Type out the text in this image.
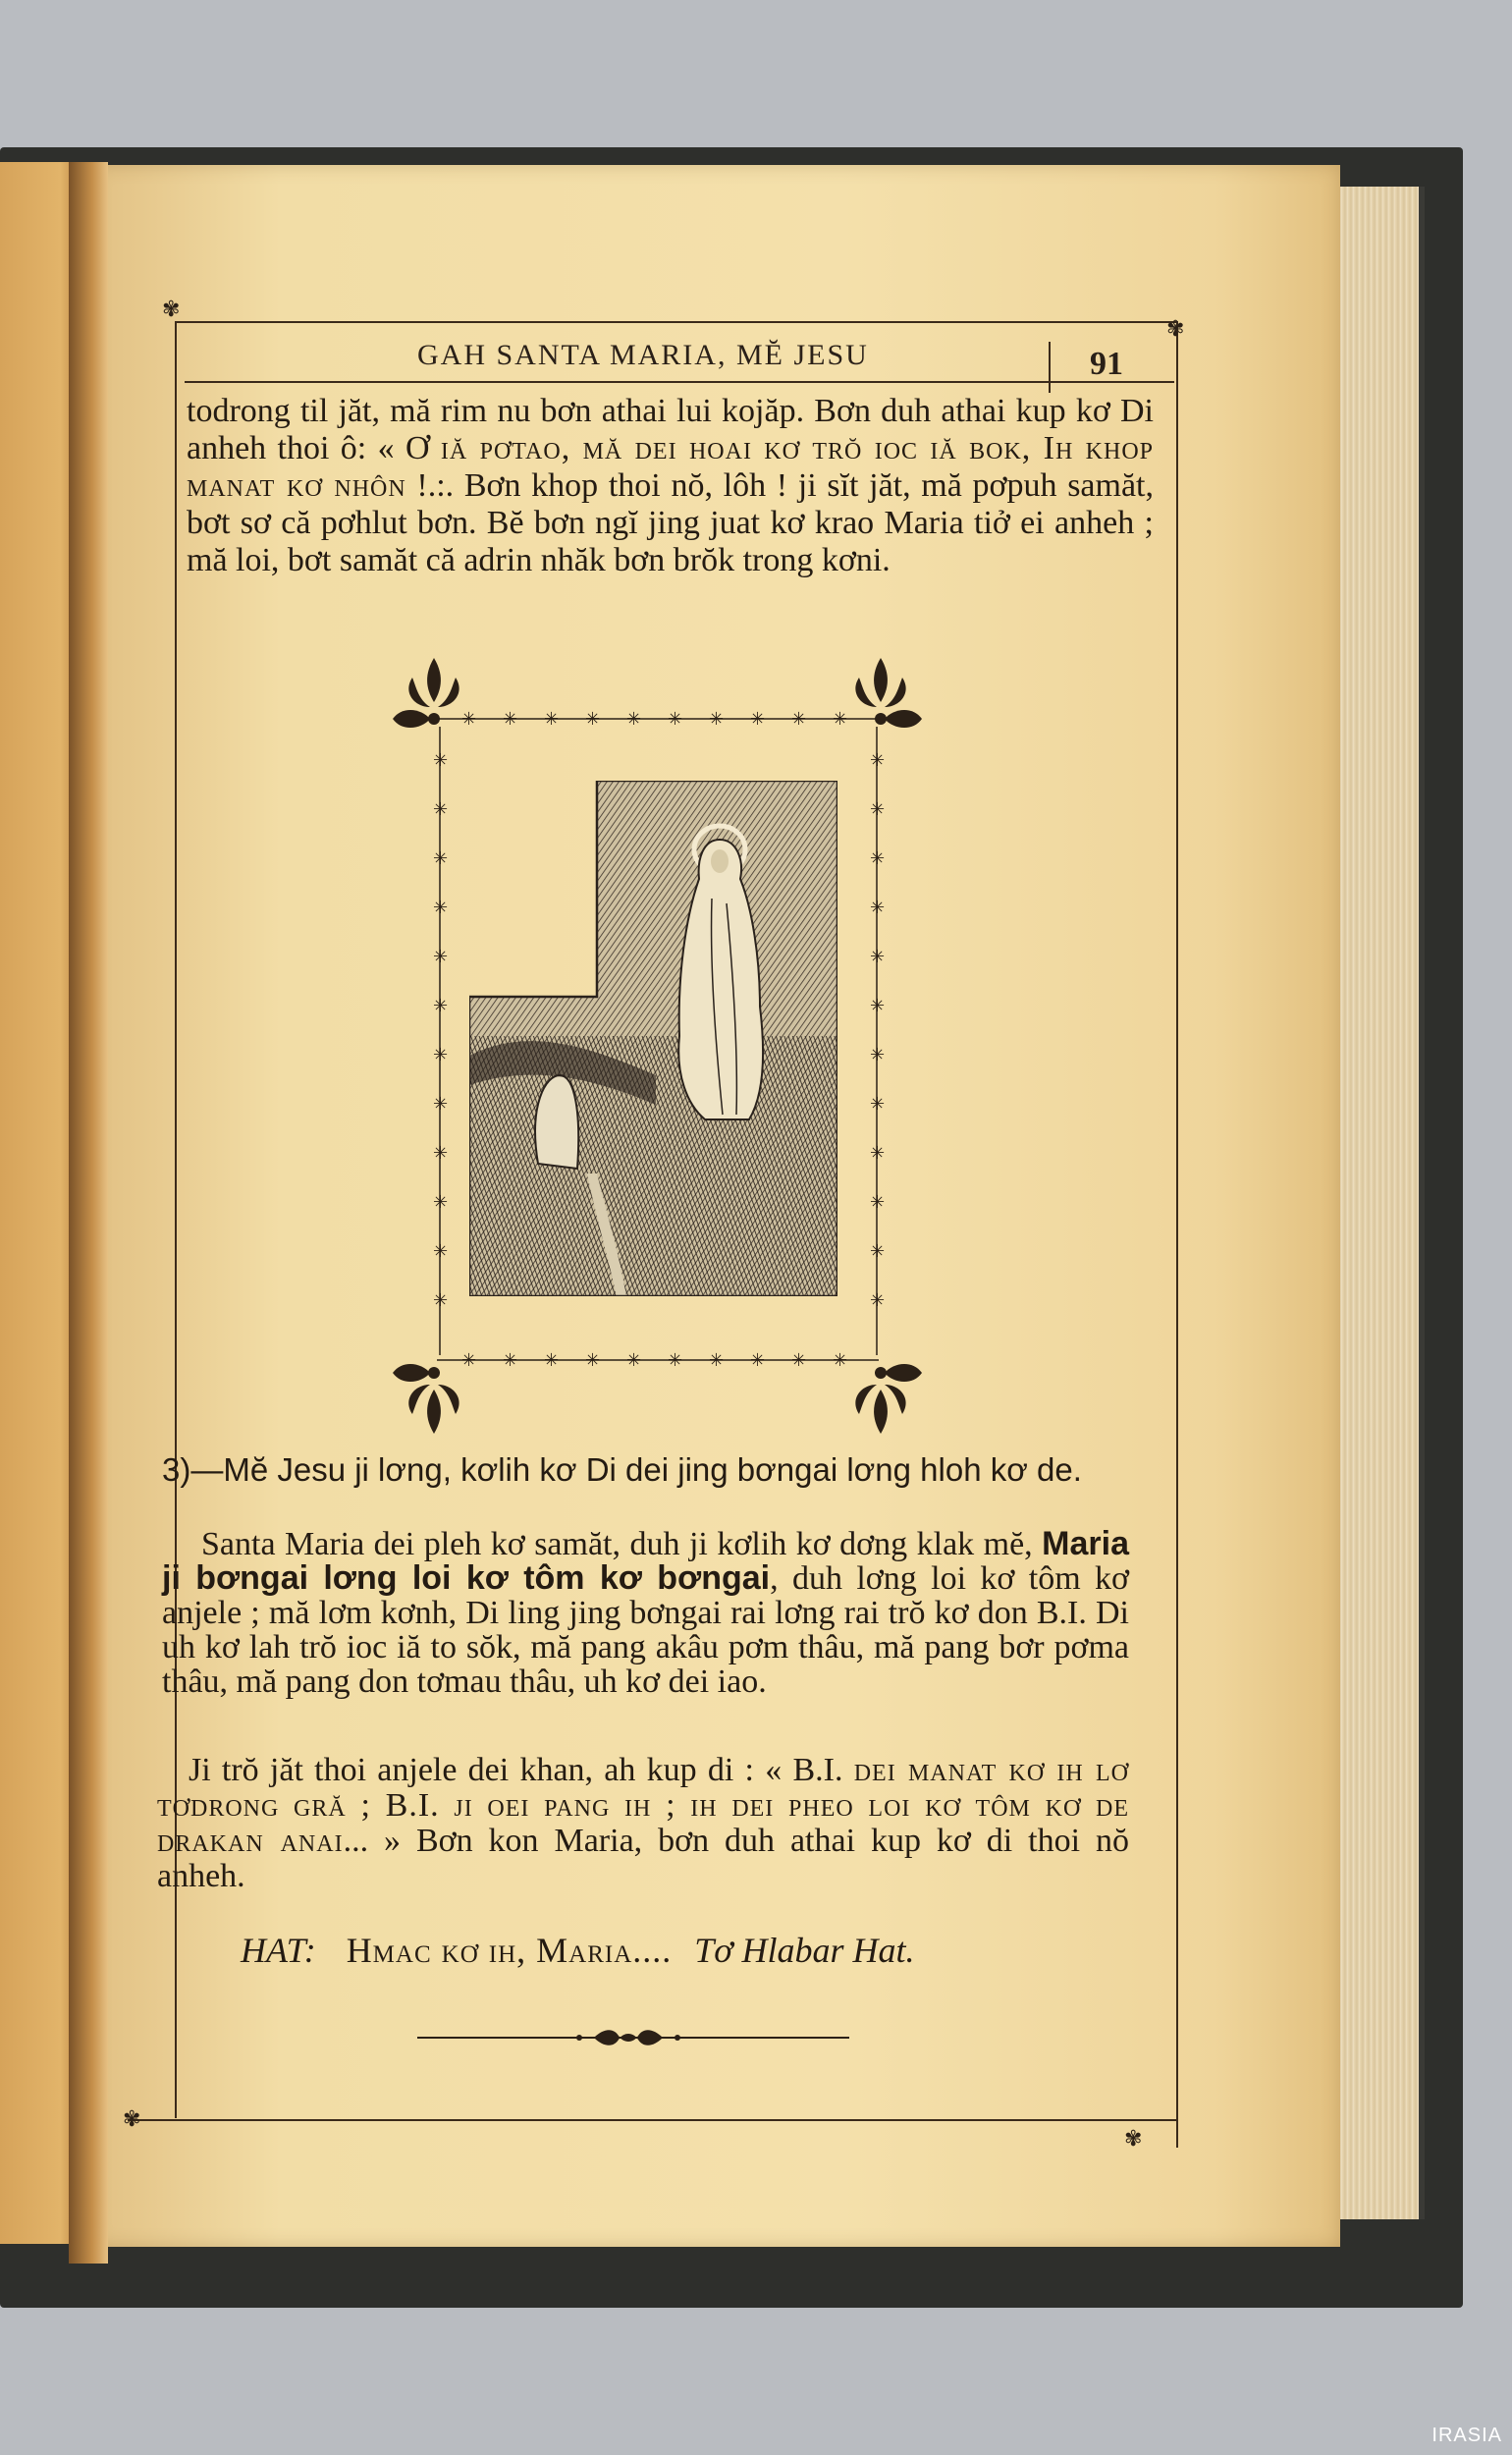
✾
✾
✾
✾
GAH SANTA MARIA, MĔ JESU	91

todrong til jăt, mă rim nu bơn athai lui kojăp. Bơn duh athai kup kơ Di anheh thoi ô: « Ơ iă pơtao, mă dei hoai kơ trŏ ioc iă bok, Ih khop manat kơ nhôn !.:. Bơn khop thoi nŏ, lôh ! ji sĭt jăt, mă pơpuh samăt, bơt sơ că pơhlut bơn. Bĕ bơn ngĭ jing juat kơ krao Maria tiở ei anheh ; mă loi, bơt samăt că adrin nhăk bơn brŏk trong kơni.

✳ ✳ ✳ ✳ ✳ ✳ ✳ ✳ ✳ ✳
✳ ✳ ✳ ✳ ✳ ✳ ✳ ✳ ✳ ✳
✳
✳
✳
✳
✳
✳
✳
✳
✳
✳
✳
✳
✳
✳
✳
✳
✳
✳
✳
✳
✳
✳
✳
✳
3)—Mĕ Jesu ji lơng, kơlih kơ Di dei jing bơngai lơng hloh kơ de.

Santa Maria dei pleh kơ samăt, duh ji kơlih kơ dơng klak mĕ, Maria ji bơngai lơng loi kơ tôm kơ bơngai, duh lơng loi kơ tôm kơ anjele ; mă lơm kơnh, Di ling jing bơngai rai lơng rai trŏ kơ don B.I. Di uh kơ lah trŏ ioc iă to sŏk, mă pang akâu pơm thâu, mă pang bơr pơma thâu, mă pang don tơmau thâu, uh kơ dei iao.

Ji trŏ jăt thoi anjele dei khan, ah kup di : « B.I. dei manat kơ ih lơ tơdrong gră ; B.I. ji oei pang ih ; ih dei pheo loi kơ tôm kơ de drakan anai... » Bơn kon Maria, bơn duh athai kup kơ di thoi nŏ anheh.

HAT: Hmac kơ ih, Maria.... Tơ Hlabar Hat.
IRASIA
